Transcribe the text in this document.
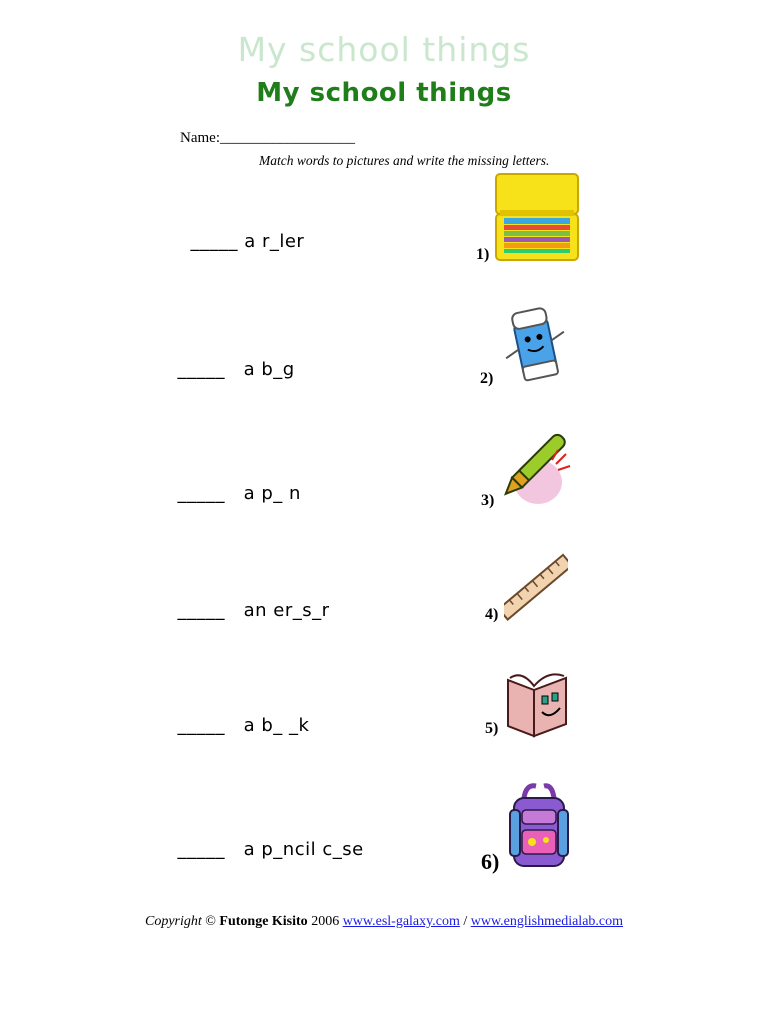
My school things
My school things
Name:__________________
Match words to pictures and write the missing letters.

_____ a r_ler

1)

_____ a b_g	2)

_____ a p_ n	3)

_____ an er_s_r	4)

_____ a b_ _k	5)

_____ a p_ncil c_se	6)
Copyright © Futonge Kisito 2006 www.esl-galaxy.com / www.englishmedialab.com
